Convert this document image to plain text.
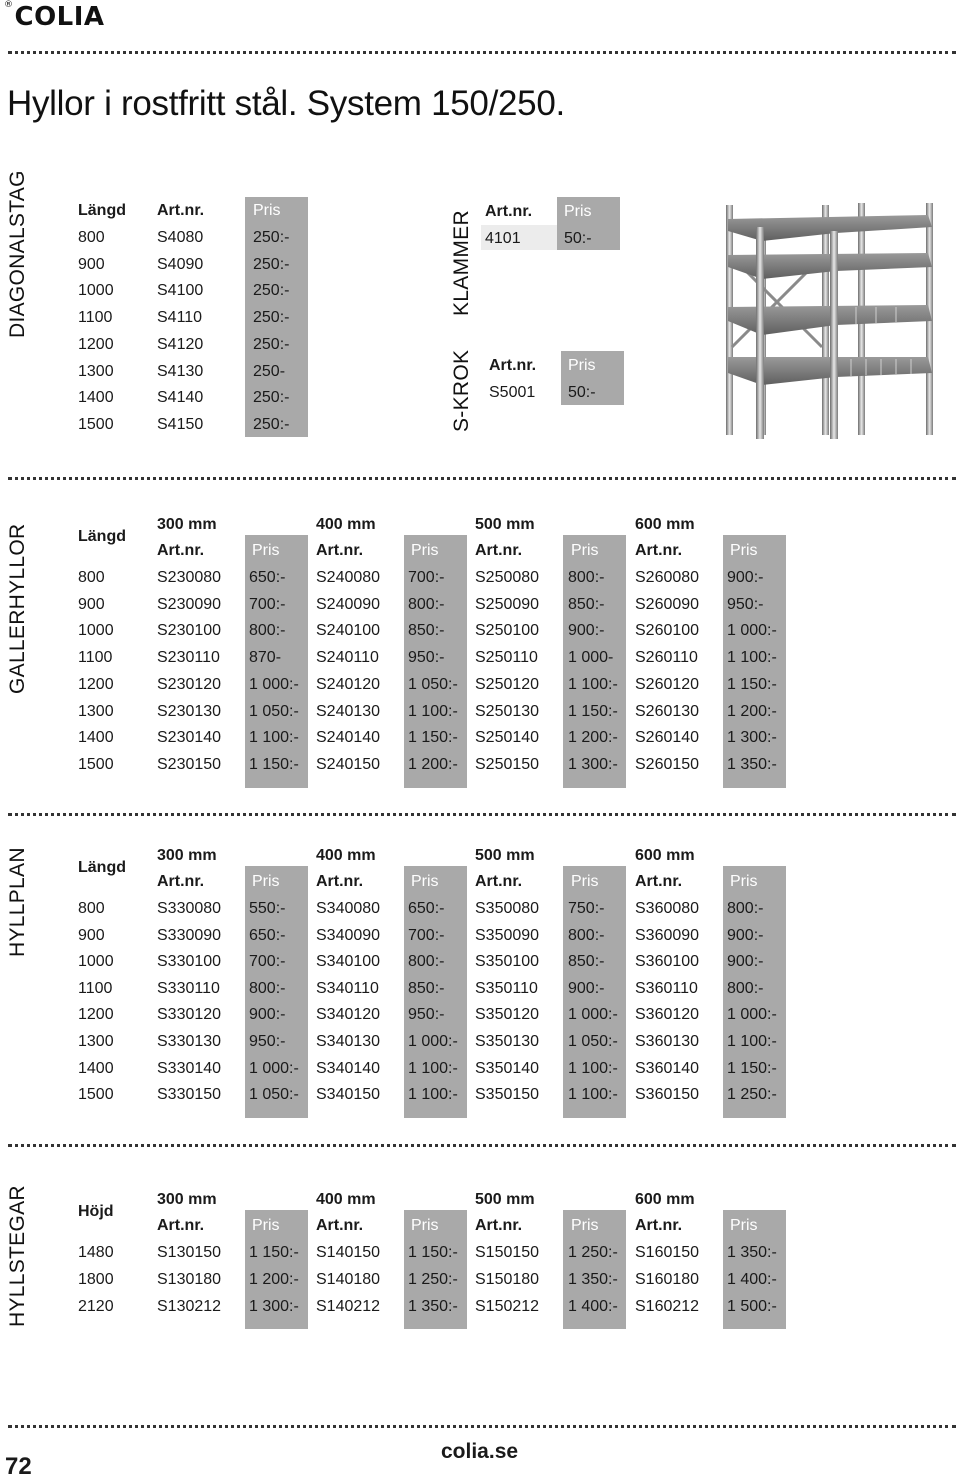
®COLIA
Hyllor i rostfritt stål. System 150/250.
DIAGONALSTAG	Längd Art.nr.	Pris
800	S4080	250:-
900	S4090	250:-
1000	S4100	250:-
1100	S4110	250:-
1200	S4120	250:-
1300	S4130	250-
1400	S4140	250:-
1500	S4150	250:-
KLAMMER Art.nr. Pris
4101	50:-
S-KROK Art.nr. Pris
S5001 50:-
GALLERHYLLOR	Längd
300 mm
Art.nr.	Pris
400 mm
Art.nr.	Pris
500 mm
Art.nr.	Pris
600 mm
Art.nr.	Pris
800	S230080 650:- S240080 700:- S250080 800:- S260080 900:-
900	S230090 700:- S240090 800:- S250090 850:- S260090 950:-
1000	S230100 800:- S240100 850:- S250100 900:- S260100 1 000:-
1100	S230110 870- S240110 950:- S250110 1 000- S260110 1 100:-
1200	S230120 1 000:- S240120 1 050:- S250120 1 100:- S260120 1 150:-
1300	S230130 1 050:- S240130 1 100:- S250130 1 150:- S260130 1 200:-
1400	S230140 1 100:- S240140 1 150:- S250140 1 200:- S260140 1 300:-
1500	S230150 1 150:- S240150 1 200:- S250150 1 300:- S260150 1 350:-
HYLLPLAN	Längd
300 mm
Art.nr.	Pris
400 mm
Art.nr.	Pris
500 mm
Art.nr.	Pris
600 mm
Art.nr.	Pris
800	S330080 550:- S340080 650:- S350080 750:- S360080 800:-
900	S330090 650:- S340090 700:- S350090 800:- S360090 900:-
1000	S330100 700:- S340100 800:- S350100 850:- S360100 900:-
1100	S330110 800:- S340110 850:- S350110 900:- S360110 800:-
1200	S330120 900:- S340120 950:- S350120 1 000:- S360120 1 000:-
1300	S330130 950:- S340130 1 000:- S350130 1 050:- S360130 1 100:-
1400	S330140 1 000:- S340140 1 100:- S350140 1 100:- S360140 1 150:-
1500	S330150 1 050:- S340150 1 100:- S350150 1 100:- S360150 1 250:-
HYLLSTEGAR	Höjd
300 mm
Art.nr.	Pris
400 mm
Art.nr.	Pris
500 mm
Art.nr.	Pris
600 mm
Art.nr.	Pris
1480	S130150 1 150:- S140150 1 150:- S150150 1 250:- S160150 1 350:-
1800	S130180 1 200:- S140180 1 250:- S150180 1 350:- S160180 1 400:-
2120	S130212 1 300:- S140212 1 350:- S150212 1 400:- S160212 1 500:-
72
colia.se
